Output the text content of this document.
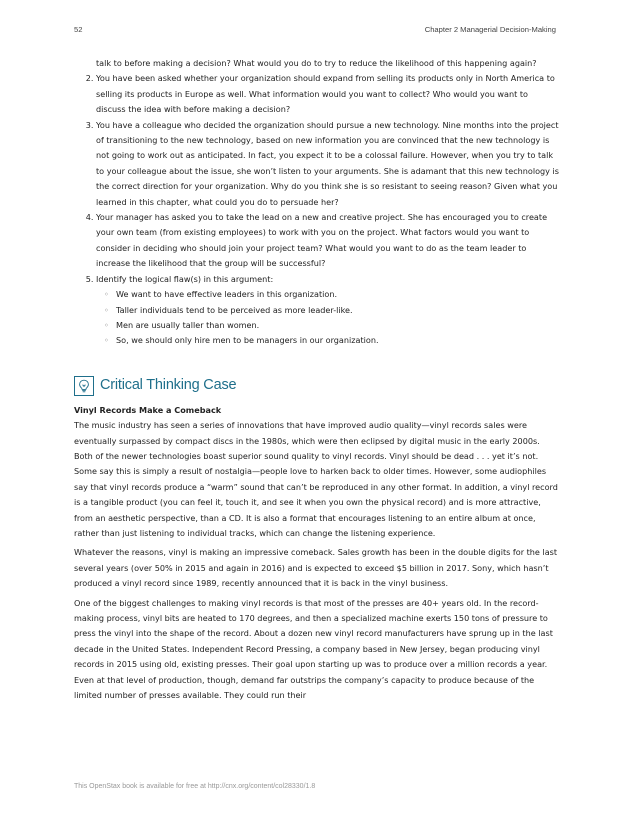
52	Chapter 2 Managerial Decision-Making
talk to before making a decision? What would you do to try to reduce the likelihood of this happening again?
2. You have been asked whether your organization should expand from selling its products only in North America to selling its products in Europe as well. What information would you want to collect? Who would you want to discuss the idea with before making a decision?
3. You have a colleague who decided the organization should pursue a new technology. Nine months into the project of transitioning to the new technology, based on new information you are convinced that the new technology is not going to work out as anticipated. In fact, you expect it to be a colossal failure. However, when you try to talk to your colleague about the issue, she won’t listen to your arguments. She is adamant that this new technology is the correct direction for your organization. Why do you think she is so resistant to seeing reason? Given what you learned in this chapter, what could you do to persuade her?
4. Your manager has asked you to take the lead on a new and creative project. She has encouraged you to create your own team (from existing employees) to work with you on the project. What factors would you want to consider in deciding who should join your project team? What would you want to do as the team leader to increase the likelihood that the group will be successful?
5. Identify the logical flaw(s) in this argument:
◦ We want to have effective leaders in this organization.
◦ Taller individuals tend to be perceived as more leader-like.
◦ Men are usually taller than women.
◦ So, we should only hire men to be managers in our organization.
Critical Thinking Case
Vinyl Records Make a Comeback

The music industry has seen a series of innovations that have improved audio quality—vinyl records sales were eventually surpassed by compact discs in the 1980s, which were then eclipsed by digital music in the early 2000s. Both of the newer technologies boast superior sound quality to vinyl records. Vinyl should be dead . . . yet it’s not. Some say this is simply a result of nostalgia—people love to harken back to older times. However, some audiophiles say that vinyl records produce a “warm” sound that can’t be reproduced in any other format. In addition, a vinyl record is a tangible product (you can feel it, touch it, and see it when you own the physical record) and is more attractive, from an aesthetic perspective, than a CD. It is also a format that encourages listening to an entire album at once, rather than just listening to individual tracks, which can change the listening experience.

Whatever the reasons, vinyl is making an impressive comeback. Sales growth has been in the double digits for the last several years (over 50% in 2015 and again in 2016) and is expected to exceed $5 billion in 2017. Sony, which hasn’t produced a vinyl record since 1989, recently announced that it is back in the vinyl business.

One of the biggest challenges to making vinyl records is that most of the presses are 40+ years old. In the record-making process, vinyl bits are heated to 170 degrees, and then a specialized machine exerts 150 tons of pressure to press the vinyl into the shape of the record. About a dozen new vinyl record manufacturers have sprung up in the last decade in the United States. Independent Record Pressing, a company based in New Jersey, began producing vinyl records in 2015 using old, existing presses. Their goal upon starting up was to produce over a million records a year. Even at that level of production, though, demand far outstrips the company’s capacity to produce because of the limited number of presses available. They could run their

This OpenStax book is available for free at http://cnx.org/content/col28330/1.8
